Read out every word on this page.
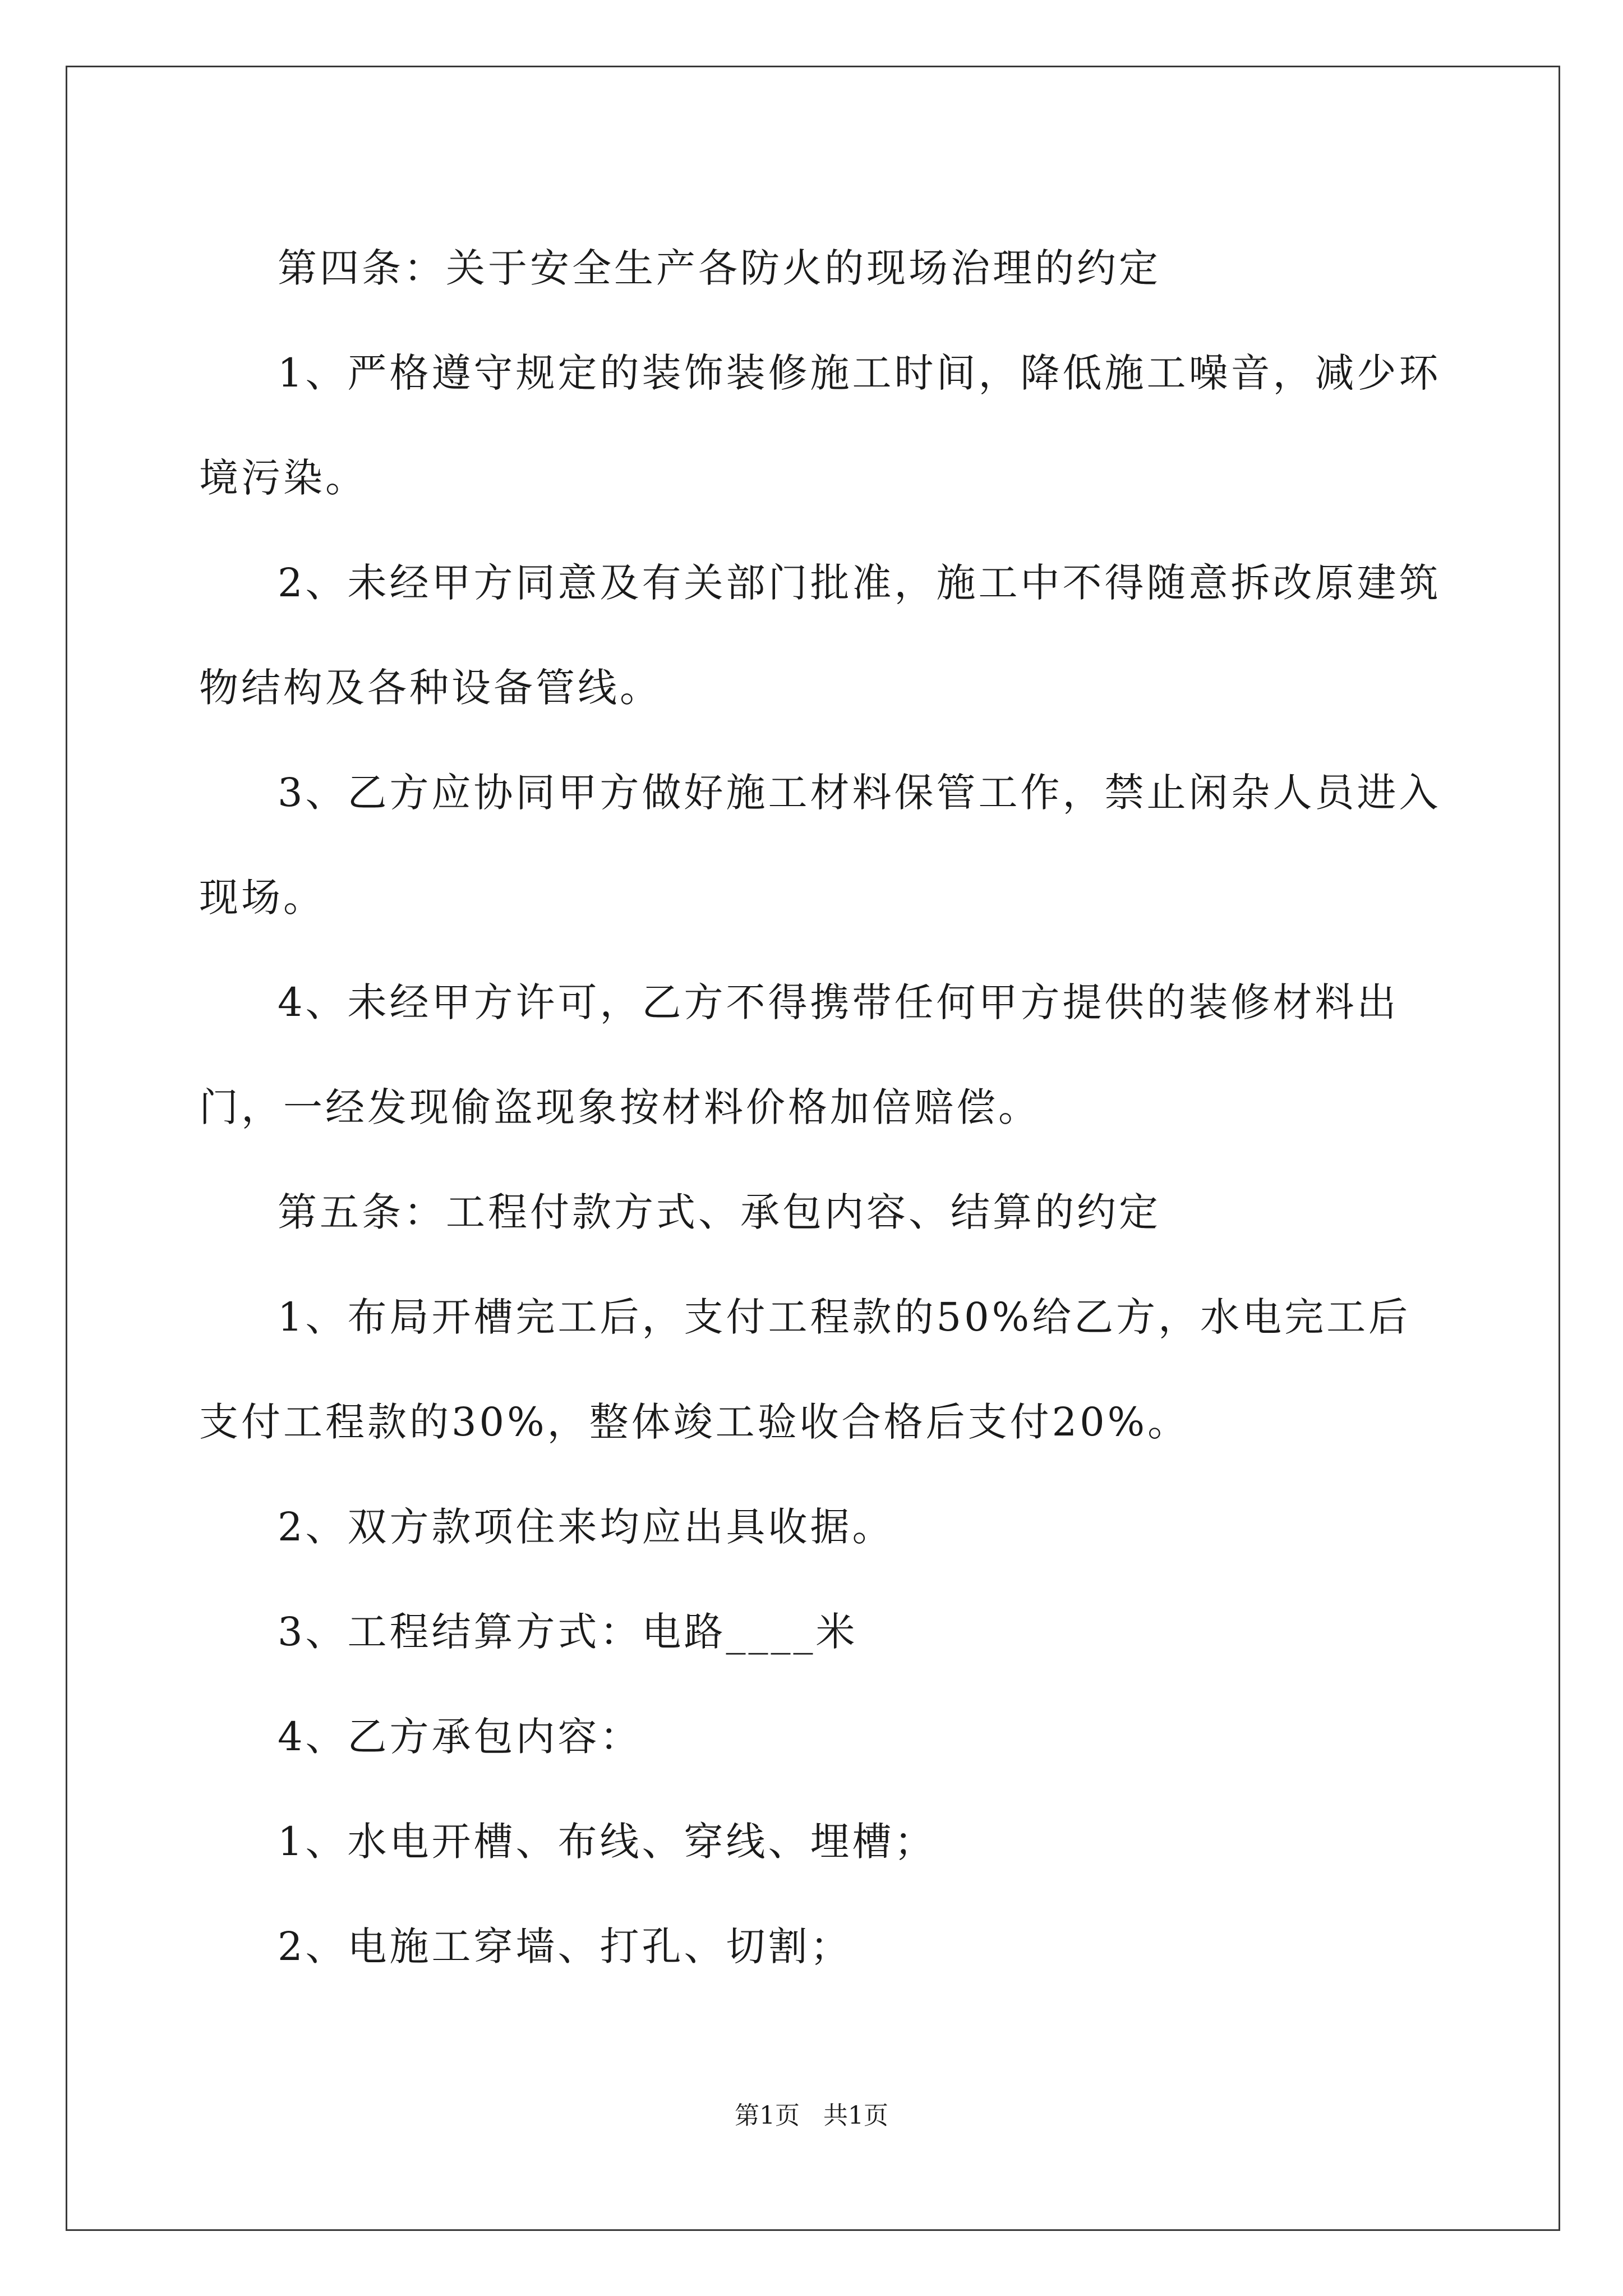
第四条：关于安全生产各防火的现场治理的约定

1、严格遵守规定的装饰装修施工时间，降低施工噪音，减少环境污染。

2、未经甲方同意及有关部门批准，施工中不得随意拆改原建筑物结构及各种设备管线。

3、乙方应协同甲方做好施工材料保管工作，禁止闲杂人员进入现场。

4、未经甲方许可，乙方不得携带任何甲方提供的装修材料出门，一经发现偷盗现象按材料价格加倍赔偿。

第五条：工程付款方式、承包内容、结算的约定

1、布局开槽完工后，支付工程款的50%给乙方，水电完工后支付工程款的30%，整体竣工验收合格后支付20%。

2、双方款项住来均应出具收据。

3、工程结算方式：电路____米

4、乙方承包内容：

1、水电开槽、布线、穿线、埋槽；

2、电施工穿墙、打孔、切割；

第1页 共1页
